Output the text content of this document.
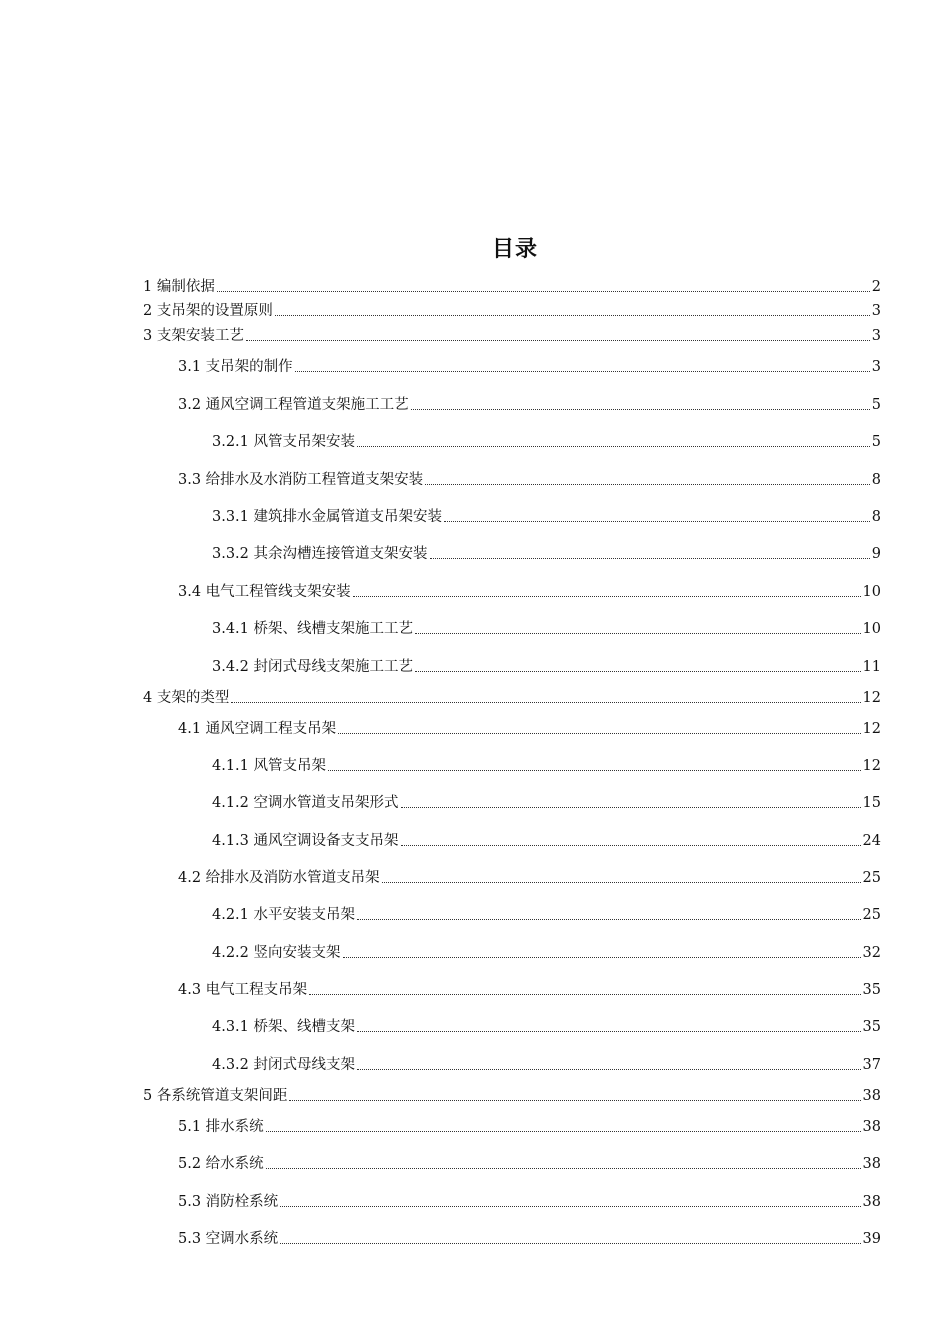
目录
1 编制依据	2
2 支吊架的设置原则	3
3 支架安装工艺	3
3.1 支吊架的制作	3
3.2 通风空调工程管道支架施工工艺	5
3.2.1 风管支吊架安装	5
3.3 给排水及水消防工程管道支架安装	8
3.3.1 建筑排水金属管道支吊架安装	8
3.3.2 其余沟槽连接管道支架安装	9
3.4 电气工程管线支架安装	10
3.4.1 桥架、线槽支架施工工艺	10
3.4.2 封闭式母线支架施工工艺	11
4 支架的类型	12
4.1 通风空调工程支吊架	12
4.1.1 风管支吊架	12
4.1.2 空调水管道支吊架形式	15
4.1.3 通风空调设备支支吊架	24
4.2 给排水及消防水管道支吊架	25
4.2.1 水平安装支吊架	25
4.2.2 竖向安装支架	32
4.3 电气工程支吊架	35
4.3.1 桥架、线槽支架	35
4.3.2 封闭式母线支架	37
5 各系统管道支架间距	38
5.1 排水系统	38
5.2 给水系统	38
5.3 消防栓系统	38
5.3 空调水系统	39
